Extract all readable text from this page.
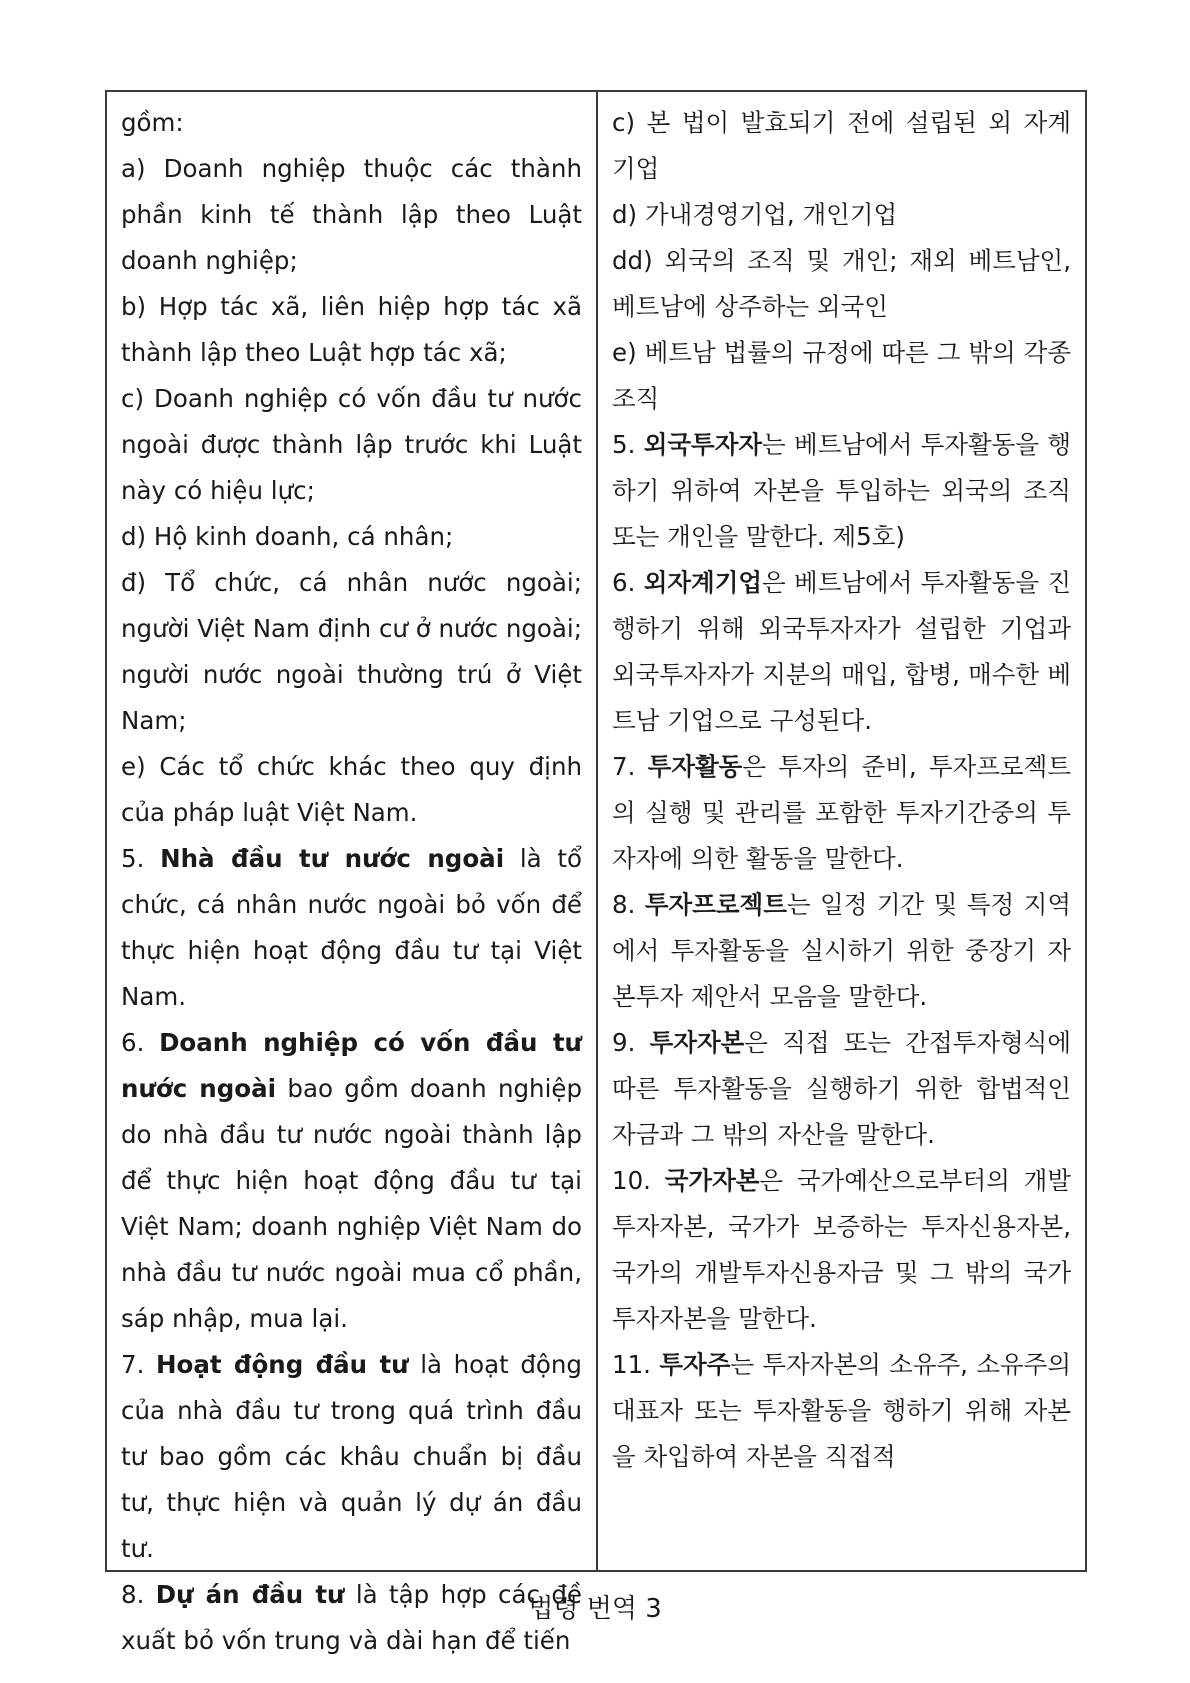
gồm:

a) Doanh nghiệp thuộc các thành phần kinh tế thành lập theo Luật doanh nghiệp;

b) Hợp tác xã, liên hiệp hợp tác xã thành lập theo Luật hợp tác xã;

c) Doanh nghiệp có vốn đầu tư nước ngoài được thành lập trước khi Luật này có hiệu lực;

d) Hộ kinh doanh, cá nhân;

đ) Tổ chức, cá nhân nước ngoài; người Việt Nam định cư ở nước ngoài; người nước ngoài thường trú ở Việt Nam;

e) Các tổ chức khác theo quy định của pháp luật Việt Nam.

5. Nhà đầu tư nước ngoài là tổ chức, cá nhân nước ngoài bỏ vốn để thực hiện hoạt động đầu tư tại Việt Nam.

6. Doanh nghiệp có vốn đầu tư nước ngoài bao gồm doanh nghiệp do nhà đầu tư nước ngoài thành lập để thực hiện hoạt động đầu tư tại Việt Nam; doanh nghiệp Việt Nam do nhà đầu tư nước ngoài mua cổ phần, sáp nhập, mua lại.

7. Hoạt động đầu tư là hoạt động của nhà đầu tư trong quá trình đầu tư bao gồm các khâu chuẩn bị đầu tư, thực hiện và quản lý dự án đầu tư.

8. Dự án đầu tư là tập hợp các đề xuất bỏ vốn trung và dài hạn để tiến

c) 본 법이 발효되기 전에 설립된 외 자계 기업

d) 가내경영기업, 개인기업

dd) 외국의 조직 및 개인; 재외 베트남인, 베트남에 상주하는 외국인

e) 베트남 법률의 규정에 따른 그 밖의 각종 조직

5. 외국투자자는 베트남에서 투자활동을 행하기 위하여 자본을 투입하는 외국의 조직 또는 개인을 말한다. 제5호)

6. 외자계기업은 베트남에서 투자활동을 진행하기 위해 외국투자자가 설립한 기업과 외국투자자가 지분의 매입, 합병, 매수한 베트남 기업으로 구성된다.

7. 투자활동은 투자의 준비, 투자프로젝트의 실행 및 관리를 포함한 투자기간중의 투자자에 의한 활동을 말한다.

8. 투자프로젝트는 일정 기간 및 특정 지역에서 투자활동을 실시하기 위한 중장기 자본투자 제안서 모음을 말한다.

9. 투자자본은 직접 또는 간접투자형식에 따른 투자활동을 실행하기 위한 합법적인 자금과 그 밖의 자산을 말한다.

10. 국가자본은 국가예산으로부터의 개발투자자본, 국가가 보증하는 투자신용자본, 국가의 개발투자신용자금 및 그 밖의 국가투자자본을 말한다.

11. 투자주는 투자자본의 소유주, 소유주의 대표자 또는 투자활동을 행하기 위해 자본을 차입하여 자본을 직접적

법령 번역 3
